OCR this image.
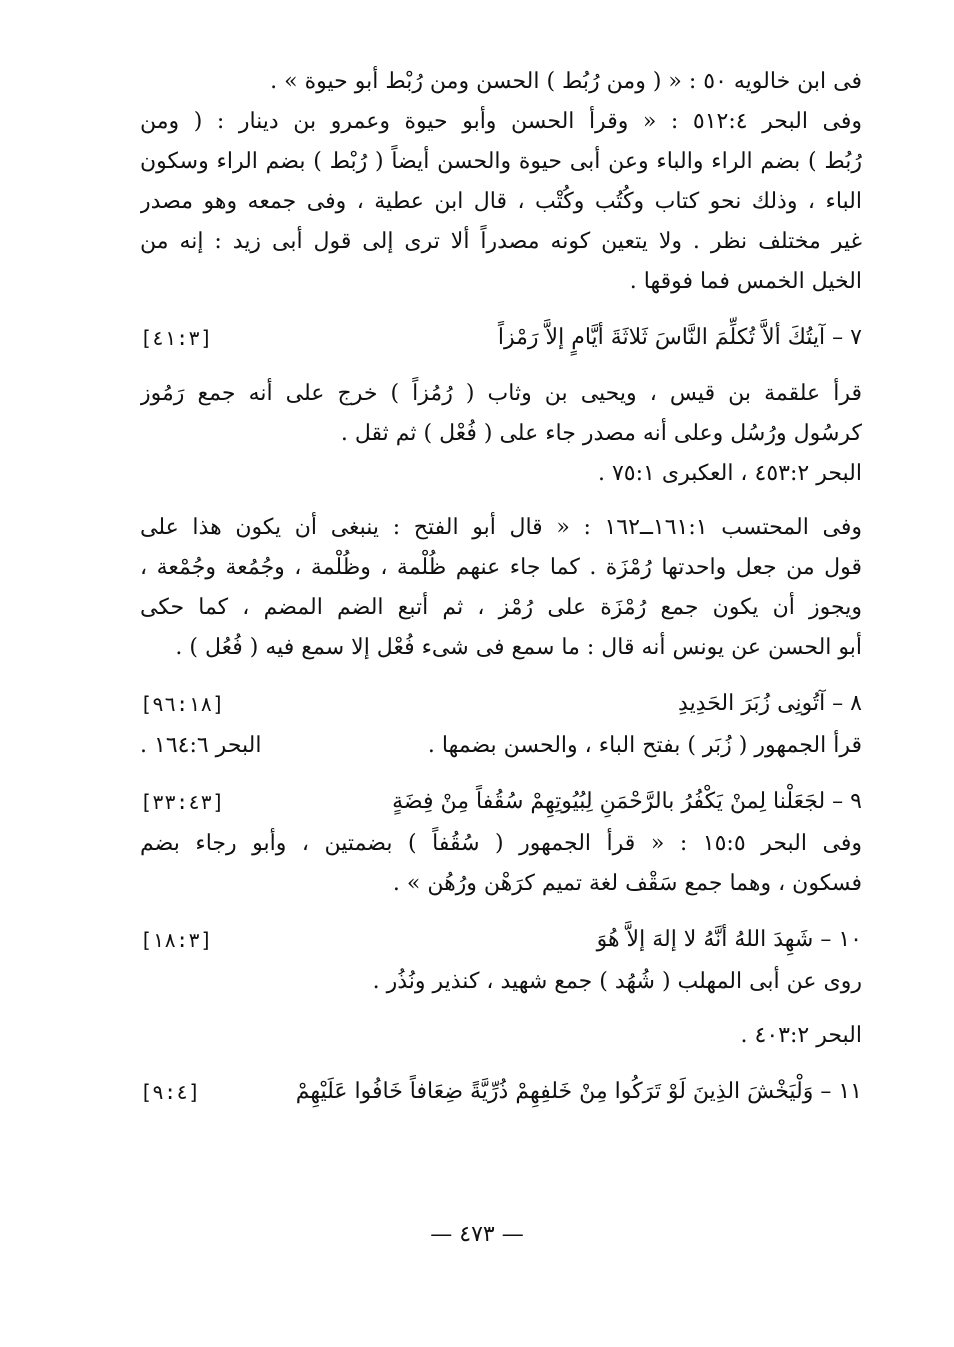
فى ابن خالويه ٥٠ : « ( ومن رُبُط ) الحسن ومن رُبْط أبو حيوة » .
وفى البحر ٥١٢:٤ : « وقرأ الحسن وأبو حيوة وعمرو بن دينار : ( ومن
رُبُط ) بضم الراء والباء وعن أبى حيوة والحسن أيضاً ( رُبْط ) بضم الراء وسكون
الباء ، وذلك نحو كتاب وكُتُب وكُتْب ، قال ابن عطية ، وفى جمعه وهو مصدر
غير مختلف نظر . ولا يتعين كونه مصدراً ألا ترى إلى قول أبى زيد : إنه من
الخيل الخمس فما فوقها .
٧ – آيتُكَ ألاَّ تُكلِّمَ النَّاسَ ثَلاثَةَ أيَّامٍ إلاَّ رَمْزاً
[٤١:٣]
قرأ علقمة بن قيس ، ويحيى بن وثاب ( رُمُزاً ) خرج على أنه جمع رَمُوز
كرسُول ورُسُل وعلى أنه مصدر جاء على ( فُعْل ) ثم ثقل .
البحر ٤٥٣:٢ ، العكبرى ٧٥:١ .
وفى المحتسب ١٦١:١ــ١٦٢ : « قال أبو الفتح : ينبغى أن يكون هذا على
قول من جعل واحدتها رُمْزَة . كما جاء عنهم ظُلْمة ، وظُلْمة ، وجُمُعة وجُمْعة ،
ويجوز أن يكون جمع رُمْزَة على رُمْز ، ثم أتبع الضم المضم ، كما حكى
أبو الحسن عن يونس أنه قال : ما سمع فى شىء فُعْل إلا سمع فيه ( فُعُل ) .
٨ – آتُونِى زُبَرَ الحَدِيدِ
[٩٦:١٨]
قرأ الجمهور ( زُبَر ) بفتح الباء ، والحسن بضمها .
البحر ١٦٤:٦ .
٩ – لجَعَلْنا لِمنْ يَكْفُرُ بالرَّحْمَنِ لِبُيُوتِهِمْ سُقُفاً مِنْ فِضَةٍ
[٣٣:٤٣]
وفى البحر ١٥:٥ : « قرأ الجمهور ( سُقُفاً ) بضمتين ، وأبو رجاء بضم
فسكون ، وهما جمع سَقْف لغة تميم كرَهْن ورُهُن » .
١٠ – شَهِدَ اللهُ أنَّهُ لا إلهَ إلاَّ هُوَ
[١٨:٣]
روى عن أبى المهلب ( شُهُد ) جمع شهيد ، كنذير ونُذُر .
البحر ٤٠٣:٢ .
١١ – وَلْيَخْشَ الذِينَ لَوْ تَرَكُوا مِنْ خَلفِهِمْ ذُرِّيَّةً ضِعَافاً خَافُوا عَلَيْهِمْ
[٩:٤]
— ٤٧٣ —
